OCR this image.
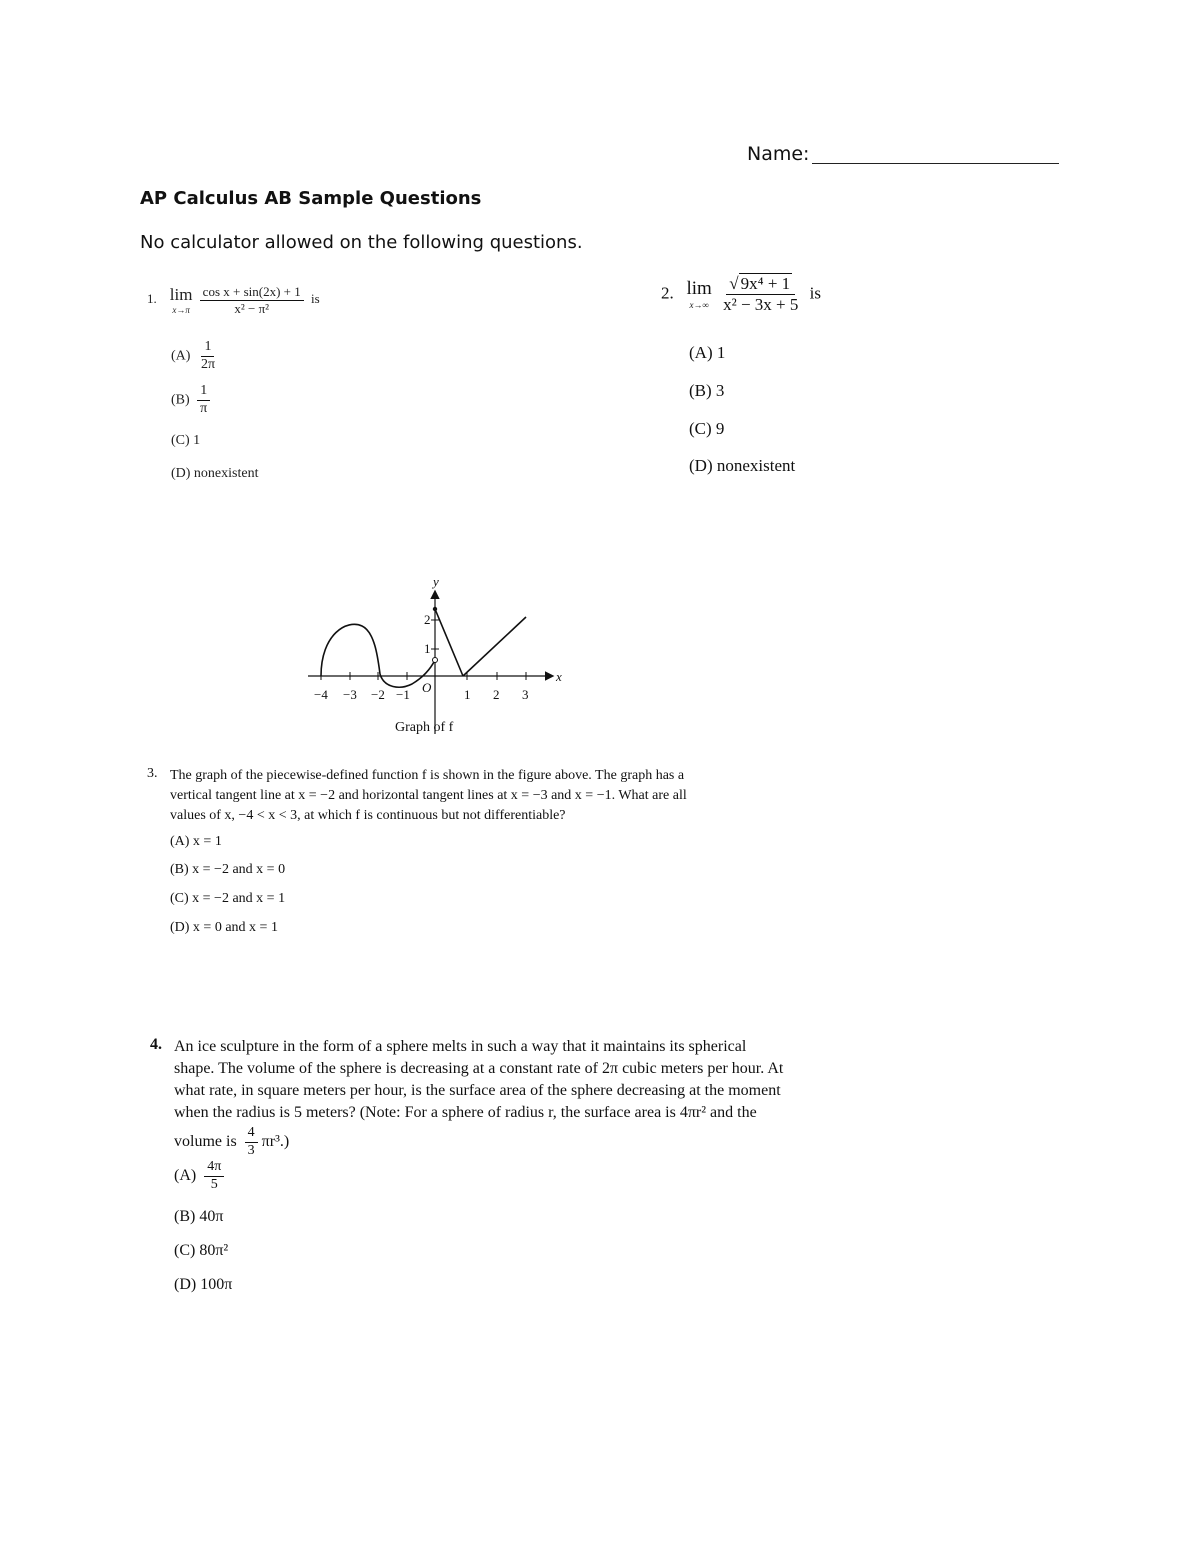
Name:
AP Calculus AB Sample Questions
No calculator allowed on the following questions.
1. lim
x→π
$\frac{\text{cos x + sin(2x) + 1}}{\text{x² − π²}}$ is
$(A) \frac{1}{2\pi}$
$(B) \frac{1}{\pi}$
(C) 1
(D) nonexistent
2. lim
x→∞
$\frac{\text{√ 9x⁴ + 1}}{\text{x² − 3x + 5}}$ is
(A) 1
(B) 3
(C) 9
(D) nonexistent
−4 −3 −2 −1	1 2 3
1
2
O
x
y
Graph of f
3. The graph of the piecewise-defined function f is shown in the figure above. The graph has a
vertical tangent line at x = −2 and horizontal tangent lines at x = −3 and x = −1. What are all
values of x, −4 < x < 3, at which f is continuous but not differentiable?
(A) x = 1
(B) x = −2 and x = 0
(C) x = −2 and x = 1
(D) x = 0 and x = 1
4. An ice sculpture in the form of a sphere melts in such a way that it maintains its spherical
shape. The volume of the sphere is decreasing at a constant rate of 2π cubic meters per hour. At
what rate, in square meters per hour, is the surface area of the sphere decreasing at the moment
when the radius is 5 meters? (Note: For a sphere of radius r, the surface area is 4πr² and the
volume is $\frac{4}{3} \pi r^3$.)
$(A) \frac{4\pi}{5}$
(B) 40π
(C) 80π²
(D) 100π
